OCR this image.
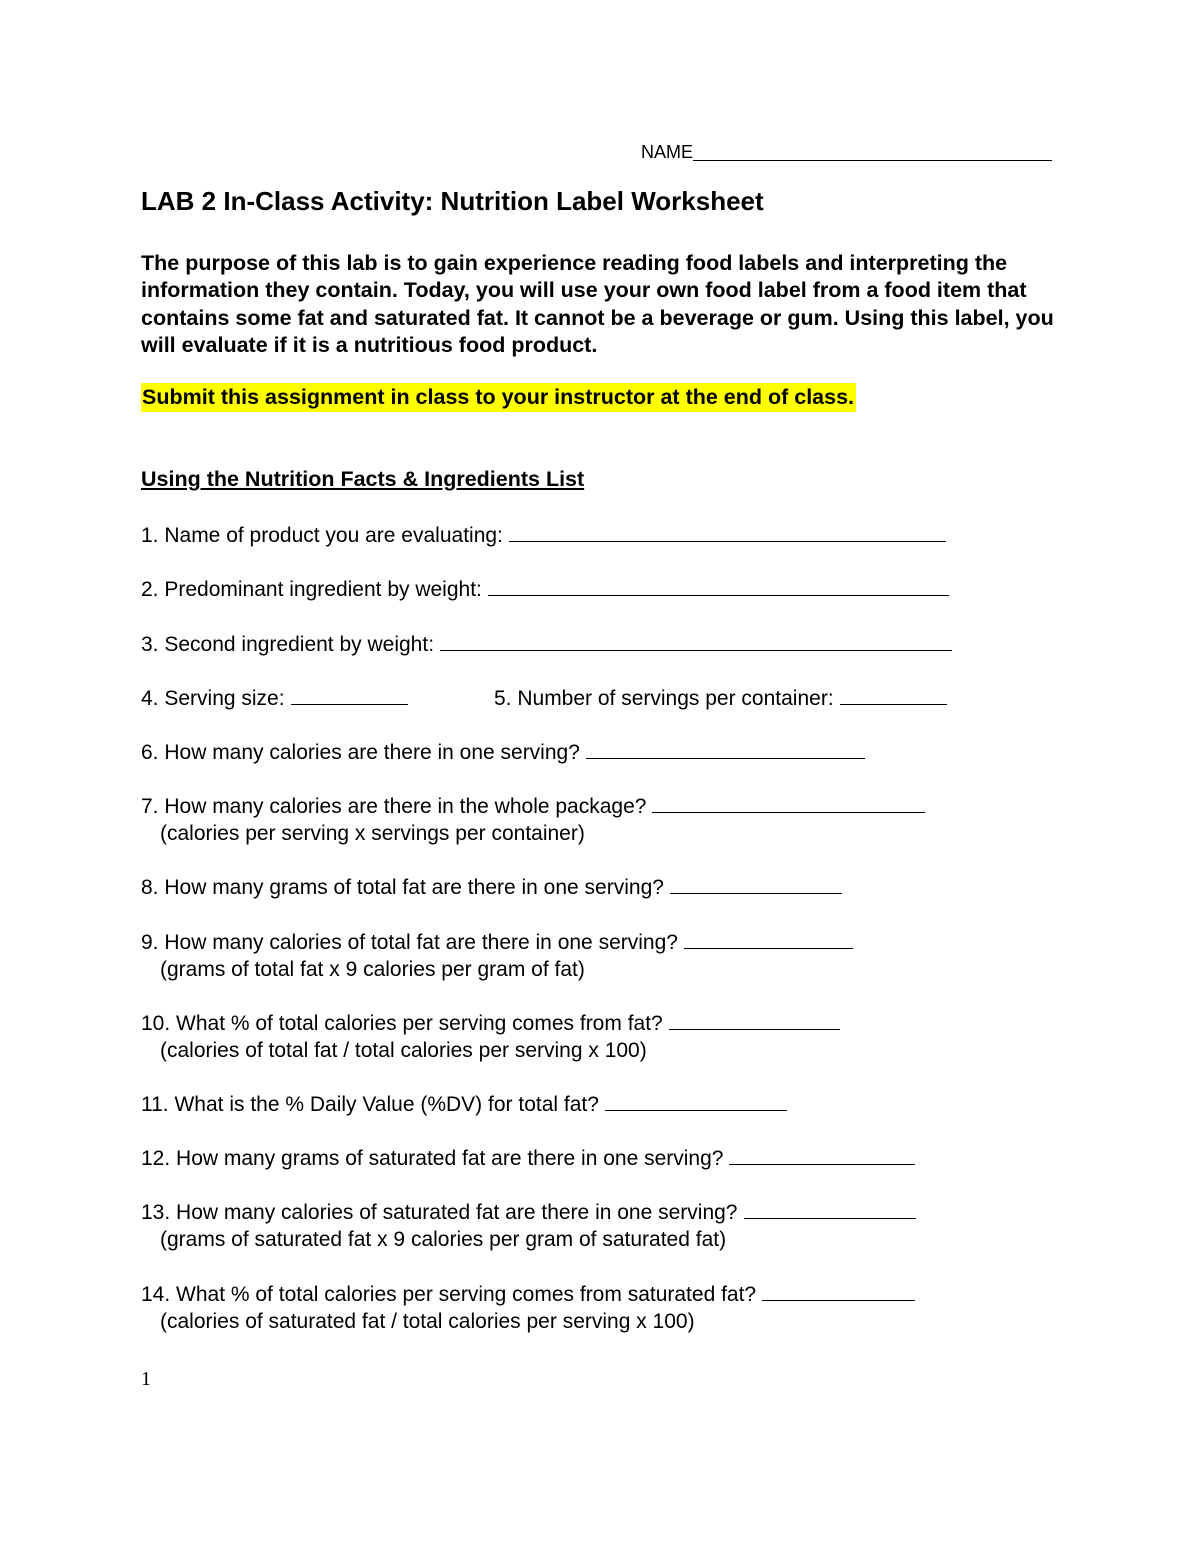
NAME
LAB 2 In-Class Activity: Nutrition Label Worksheet
The purpose of this lab is to gain experience reading food labels and interpreting the information they contain. Today, you will use your own food label from a food item that contains some fat and saturated fat. It cannot be a beverage or gum. Using this label, you will evaluate if it is a nutritious food product.
Submit this assignment in class to your instructor at the end of class.
Using the Nutrition Facts & Ingredients List
1. Name of product you are evaluating:
2. Predominant ingredient by weight:
3. Second ingredient by weight:
4. Serving size:	5. Number of servings per container:
6. How many calories are there in one serving?
7. How many calories are there in the whole package?
(calories per serving x servings per container)
8. How many grams of total fat are there in one serving?
9. How many calories of total fat are there in one serving?
(grams of total fat x 9 calories per gram of fat)
10. What % of total calories per serving comes from fat?
(calories of total fat / total calories per serving x 100)
11. What is the % Daily Value (%DV) for total fat?
12. How many grams of saturated fat are there in one serving?
13. How many calories of saturated fat are there in one serving?
(grams of saturated fat x 9 calories per gram of saturated fat)
14. What % of total calories per serving comes from saturated fat?
(calories of saturated fat / total calories per serving x 100)
1
